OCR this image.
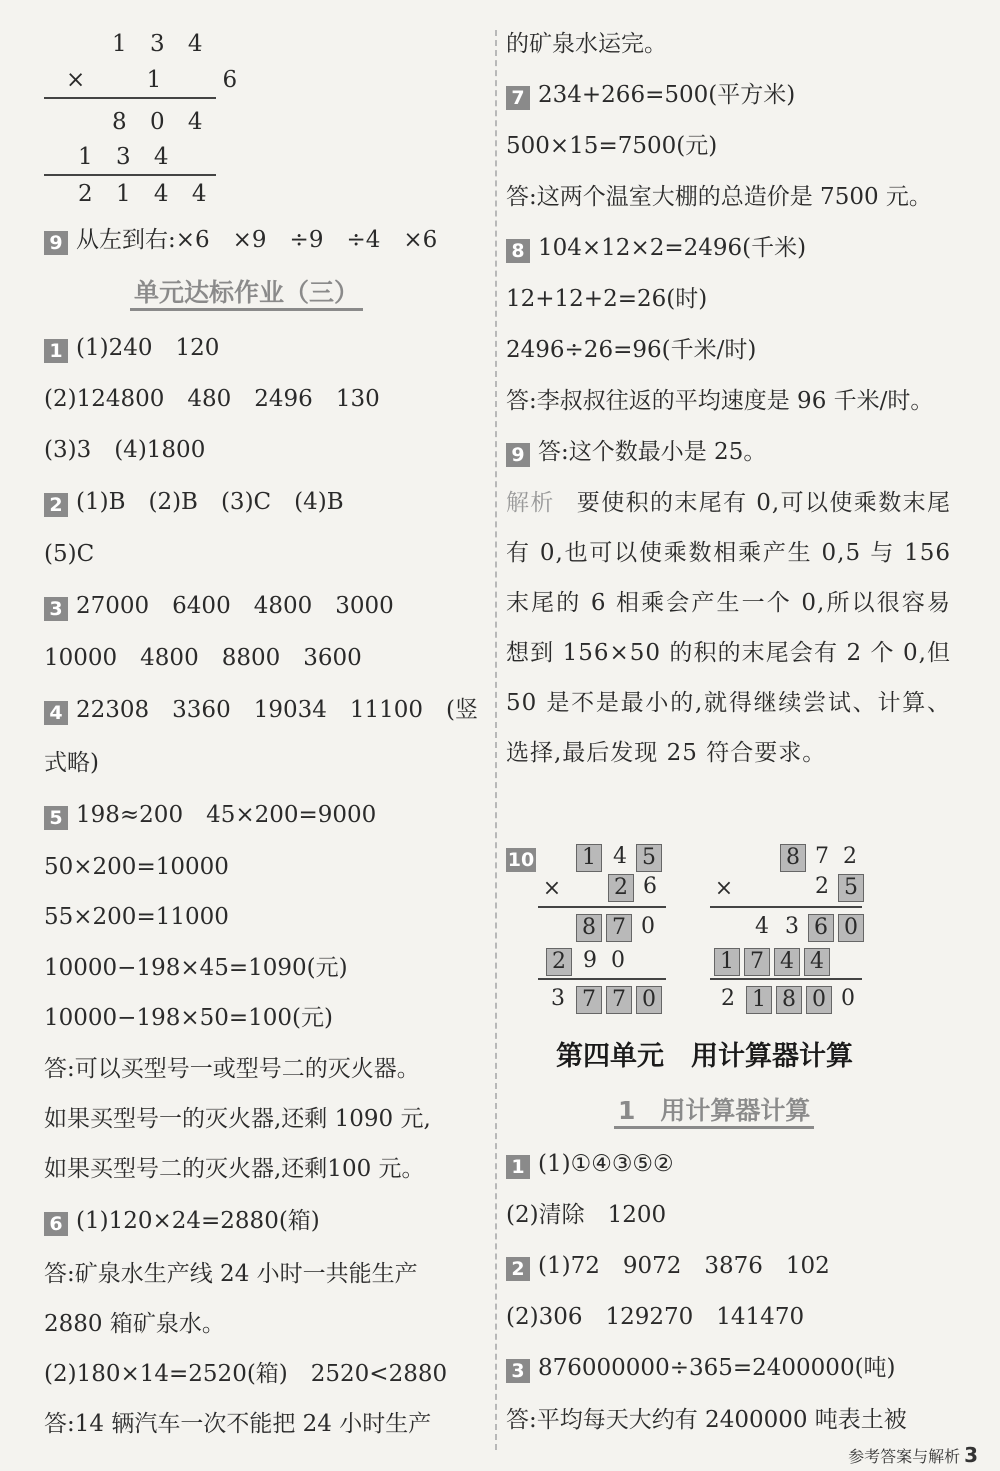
1 3 4
× 1 6
8 0 4
1 3 4
2 1 4 4
9 从左到右:×6　×9　÷9　÷4　×6
单元达标作业（三）
1 (1)240　120
(2)124800　480　2496　130
(3)3　(4)1800
2 (1)B　(2)B　(3)C　(4)B
(5)C
3 27000　6400　4800　3000
10000　4800　8800　3600
4 22308　3360　19034　11100　(竖
式略)
5 198≈200　45×200=9000
50×200=10000
55×200=11000
10000−198×45=1090(元)
10000−198×50=100(元)
答:可以买型号一或型号二的灭火器。
如果买型号一的灭火器,还剩 1090 元,
如果买型号二的灭火器,还剩100 元。
6 (1)120×24=2880(箱)
答:矿泉水生产线 24 小时一共能生产
2880 箱矿泉水。
(2)180×14=2520(箱)　2520<2880
答:14 辆汽车一次不能把 24 小时生产
的矿泉水运完。
7 234+266=500(平方米)
500×15=7500(元)
答:这两个温室大棚的总造价是 7500 元。
8 104×12×2=2496(千米)
12+12+2=26(时)
2496÷26=96(千米/时)
答:李叔叔往返的平均速度是 96 千米/时。
9 答:这个数最小是 25。
解析 要使积的末尾有 0,可以使乘数末尾有 0,也可以使乘数相乘产生 0,5 与 156 末尾的 6 相乘会产生一个 0,所以很容易想到 156×50 的积的末尾会有 2 个 0,但 50 是不是最小的,就得继续尝试、计算、选择,最后发现 25 符合要求。
10 1 4 5
× 2 6
8 7 0
2 9 0
3 7 7 0
8 7 2
×	2 5
4 3 6 0
1 7 4 4
2 1 8 0 0
第四单元　用计算器计算
1　用计算器计算
1 (1)①④③⑤②
(2)清除　1200
2 (1)72　9072　3876　102
(2)306　129270　141470
3 876000000÷365=2400000(吨)
答:平均每天大约有 2400000 吨表土被
参考答案与解析 3
